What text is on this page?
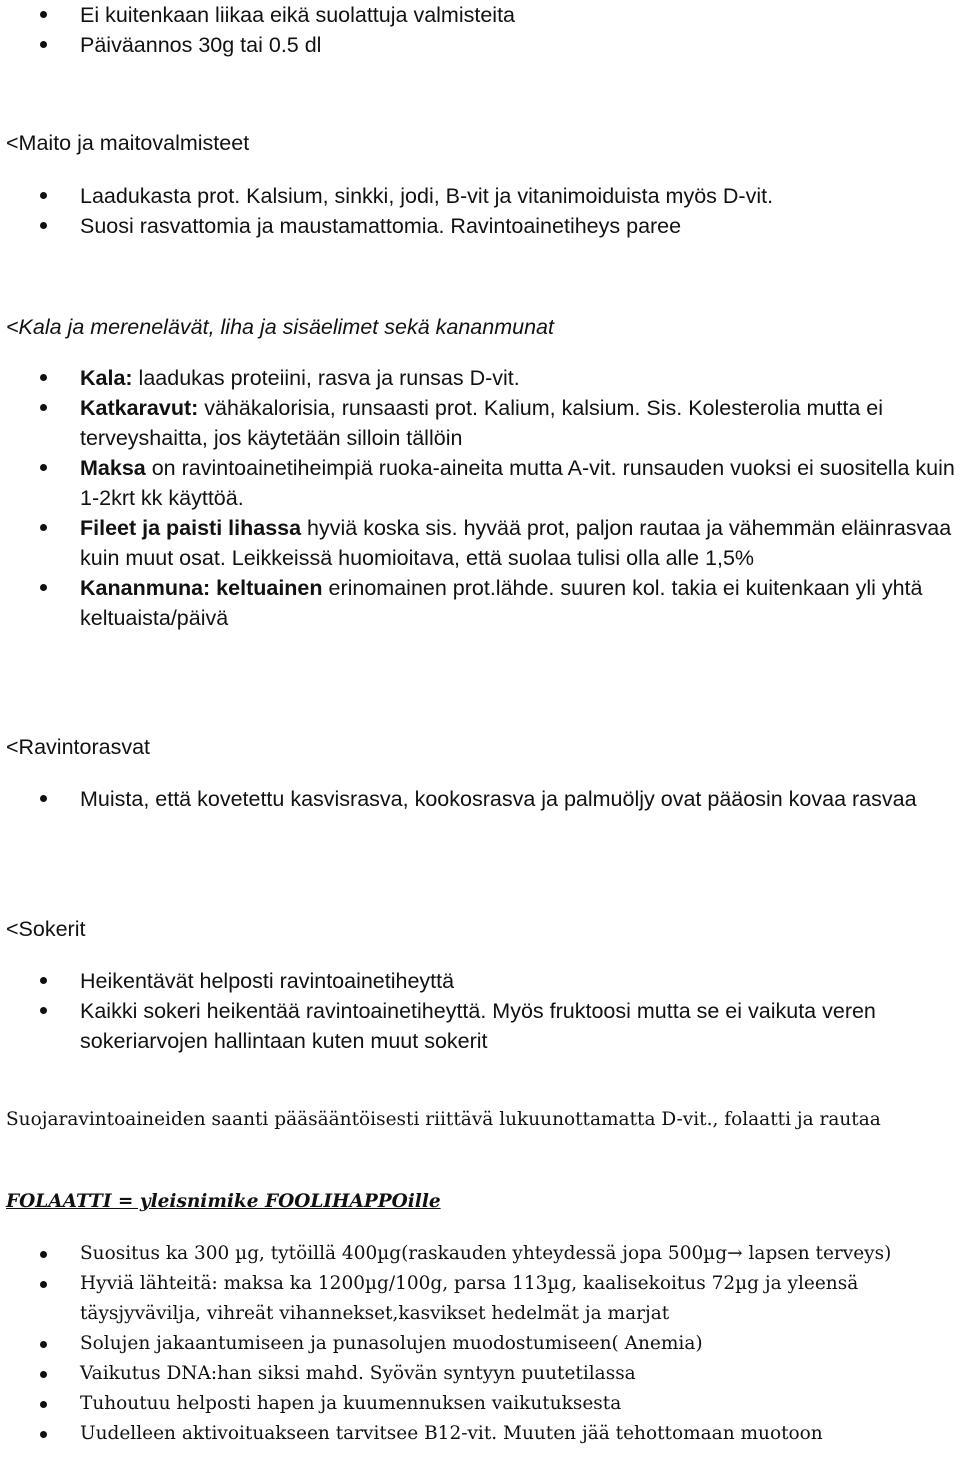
Ei kuitenkaan liikaa eikä suolattuja valmisteita
Päiväannos 30g tai 0.5 dl

<Maito ja maitovalmisteet

Laadukasta prot. Kalsium, sinkki, jodi, B-vit ja vitanimoiduista myös D-vit.
Suosi rasvattomia ja maustamattomia. Ravintoainetiheys paree

<Kala ja merenelävät, liha ja sisäelimet sekä kananmunat

Kala: laadukas proteiini, rasva ja runsas D-vit.
Katkaravut: vähäkalorisia, runsaasti prot. Kalium, kalsium. Sis. Kolesterolia mutta ei terveyshaitta, jos käytetään silloin tällöin
Maksa on ravintoainetiheimpiä ruoka-aineita mutta A-vit. runsauden vuoksi ei suositella kuin 1-2krt kk käyttöä.
Fileet ja paisti lihassa hyviä koska sis. hyvää prot, paljon rautaa ja vähemmän eläinrasvaa kuin muut osat. Leikkeissä huomioitava, että suolaa tulisi olla alle 1,5%
Kananmuna: keltuainen erinomainen prot.lähde. suuren kol. takia ei kuitenkaan yli yhtä keltuaista/päivä

<Ravintorasvat

Muista, että kovetettu kasvisrasva, kookosrasva ja palmuöljy ovat pääosin kovaa rasvaa

<Sokerit

Heikentävät helposti ravintoainetiheyttä
Kaikki sokeri heikentää ravintoainetiheyttä. Myös fruktoosi mutta se ei vaikuta veren sokeriarvojen hallintaan kuten muut sokerit

Suojaravintoaineiden saanti pääsääntöisesti riittävä lukuunottamatta D-vit., folaatti ja rautaa

FOLAATTI = yleisnimike FOOLIHAPPOille

Suositus ka 300 µg, tytöillä 400µg(raskauden yhteydessä jopa 500µg→ lapsen terveys)
Hyviä lähteitä: maksa ka 1200µg/100g, parsa 113µg, kaalisekoitus 72µg ja yleensä täysjyvävilja, vihreät vihannekset,kasvikset hedelmät ja marjat
Solujen jakaantumiseen ja punasolujen muodostumiseen( Anemia)
Vaikutus DNA:han siksi mahd. Syövän syntyyn puutetilassa
Tuhoutuu helposti hapen ja kuumennuksen vaikutuksesta
Uudelleen aktivoituakseen tarvitsee B12-vit. Muuten jää tehottomaan muotoon
